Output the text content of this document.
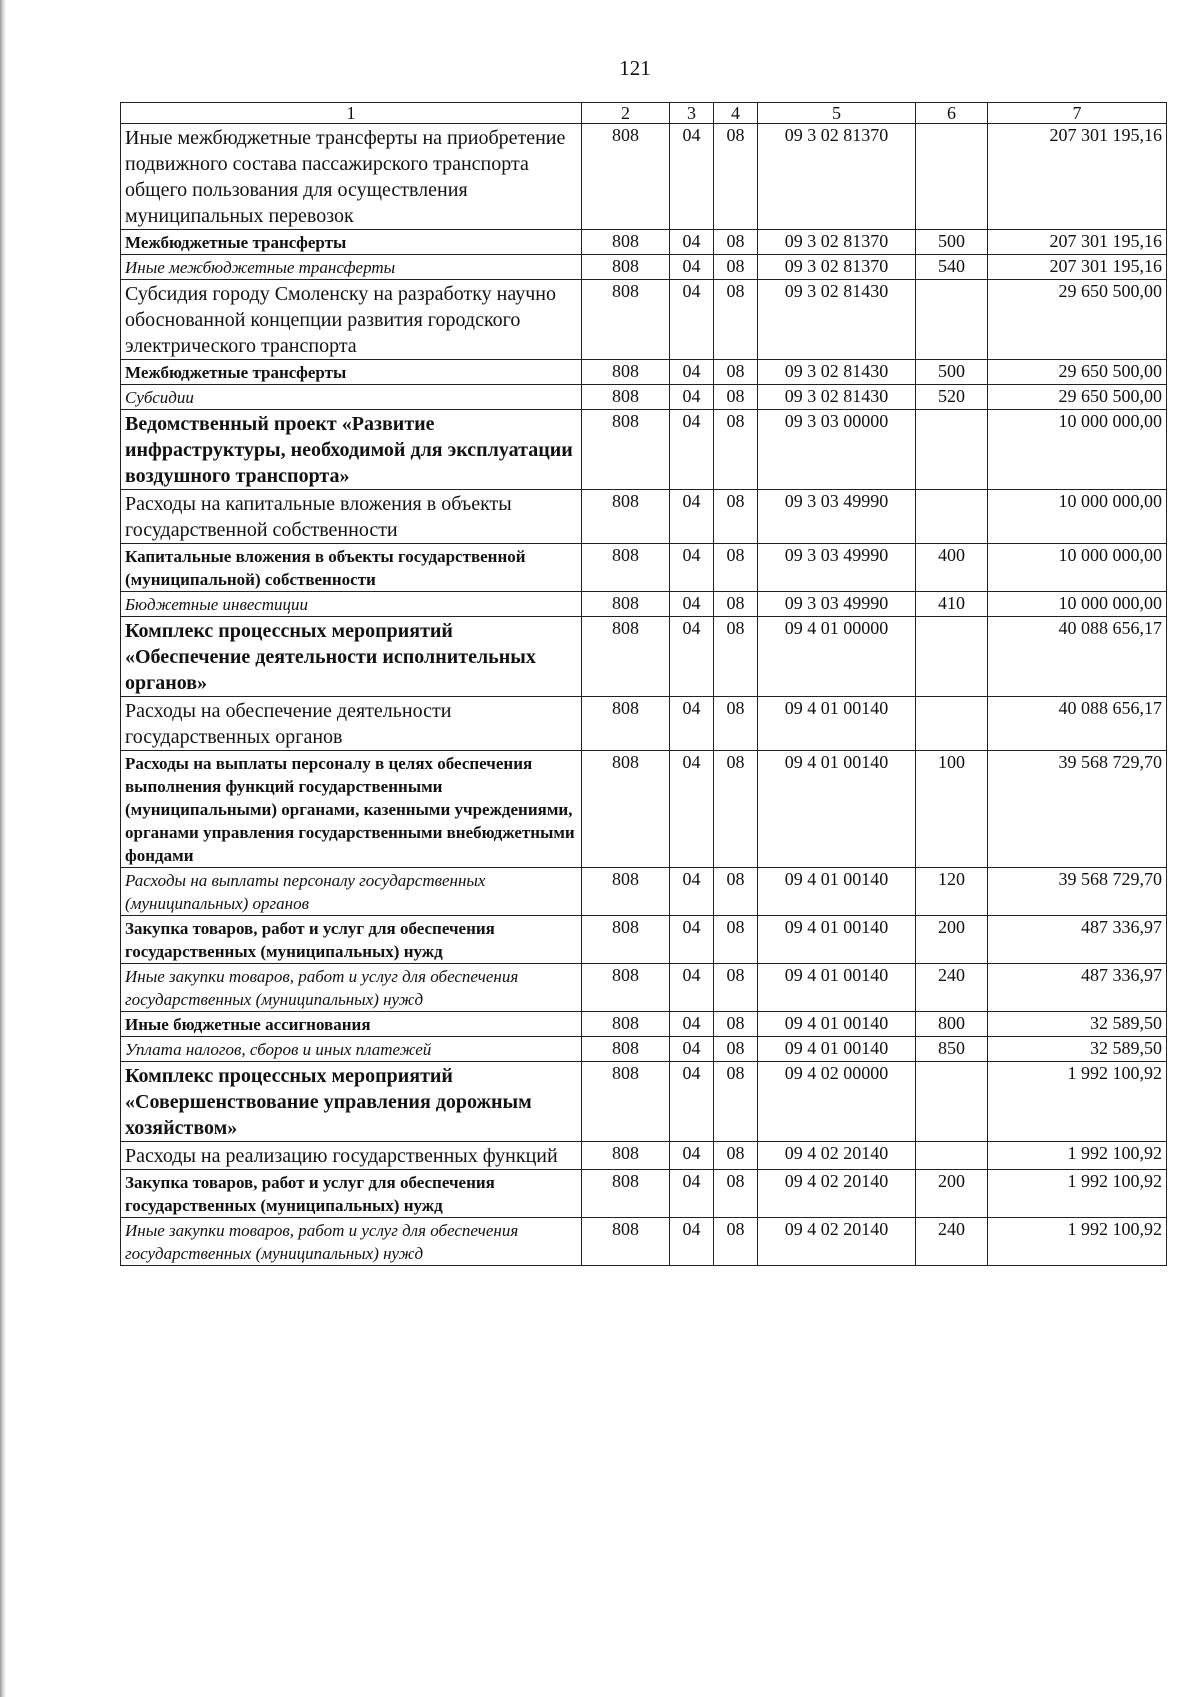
121
1	2	3	4	5	6	7
Иные межбюджетные трансферты на приобретение подвижного состава пассажирского транспорта общего пользования для осуществления муниципальных перевозок	808	04	08	09 3 02 81370		207 301 195,16
Межбюджетные трансферты	808	04	08	09 3 02 81370	500	207 301 195,16
Иные межбюджетные трансферты	808	04	08	09 3 02 81370	540	207 301 195,16
Субсидия городу Смоленску на разработку научно обоснованной концепции развития городского электрического транспорта	808	04	08	09 3 02 81430		29 650 500,00
Межбюджетные трансферты	808	04	08	09 3 02 81430	500	29 650 500,00
Субсидии	808	04	08	09 3 02 81430	520	29 650 500,00
Ведомственный проект «Развитие инфраструктуры, необходимой для эксплуатации воздушного транспорта»	808	04	08	09 3 03 00000		10 000 000,00
Расходы на капитальные вложения в объекты государственной собственности	808	04	08	09 3 03 49990		10 000 000,00
Капитальные вложения в объекты государственной (муниципальной) собственности	808	04	08	09 3 03 49990	400	10 000 000,00
Бюджетные инвестиции	808	04	08	09 3 03 49990	410	10 000 000,00
Комплекс процессных мероприятий «Обеспечение деятельности исполнительных органов»	808	04	08	09 4 01 00000		40 088 656,17
Расходы на обеспечение деятельности государственных органов	808	04	08	09 4 01 00140		40 088 656,17
Расходы на выплаты персоналу в целях обеспечения выполнения функций государственными (муниципальными) органами, казенными учреждениями, органами управления государственными внебюджетными фондами	808	04	08	09 4 01 00140	100	39 568 729,70
Расходы на выплаты персоналу государственных (муниципальных) органов	808	04	08	09 4 01 00140	120	39 568 729,70
Закупка товаров, работ и услуг для обеспечения государственных (муниципальных) нужд	808	04	08	09 4 01 00140	200	487 336,97
Иные закупки товаров, работ и услуг для обеспечения государственных (муниципальных) нужд	808	04	08	09 4 01 00140	240	487 336,97
Иные бюджетные ассигнования	808	04	08	09 4 01 00140	800	32 589,50
Уплата налогов, сборов и иных платежей	808	04	08	09 4 01 00140	850	32 589,50
Комплекс процессных мероприятий «Совершенствование управления дорожным хозяйством»	808	04	08	09 4 02 00000		1 992 100,92
Расходы на реализацию государственных функций	808	04	08	09 4 02 20140		1 992 100,92
Закупка товаров, работ и услуг для обеспечения государственных (муниципальных) нужд	808	04	08	09 4 02 20140	200	1 992 100,92
Иные закупки товаров, работ и услуг для обеспечения государственных (муниципальных) нужд	808	04	08	09 4 02 20140	240	1 992 100,92
